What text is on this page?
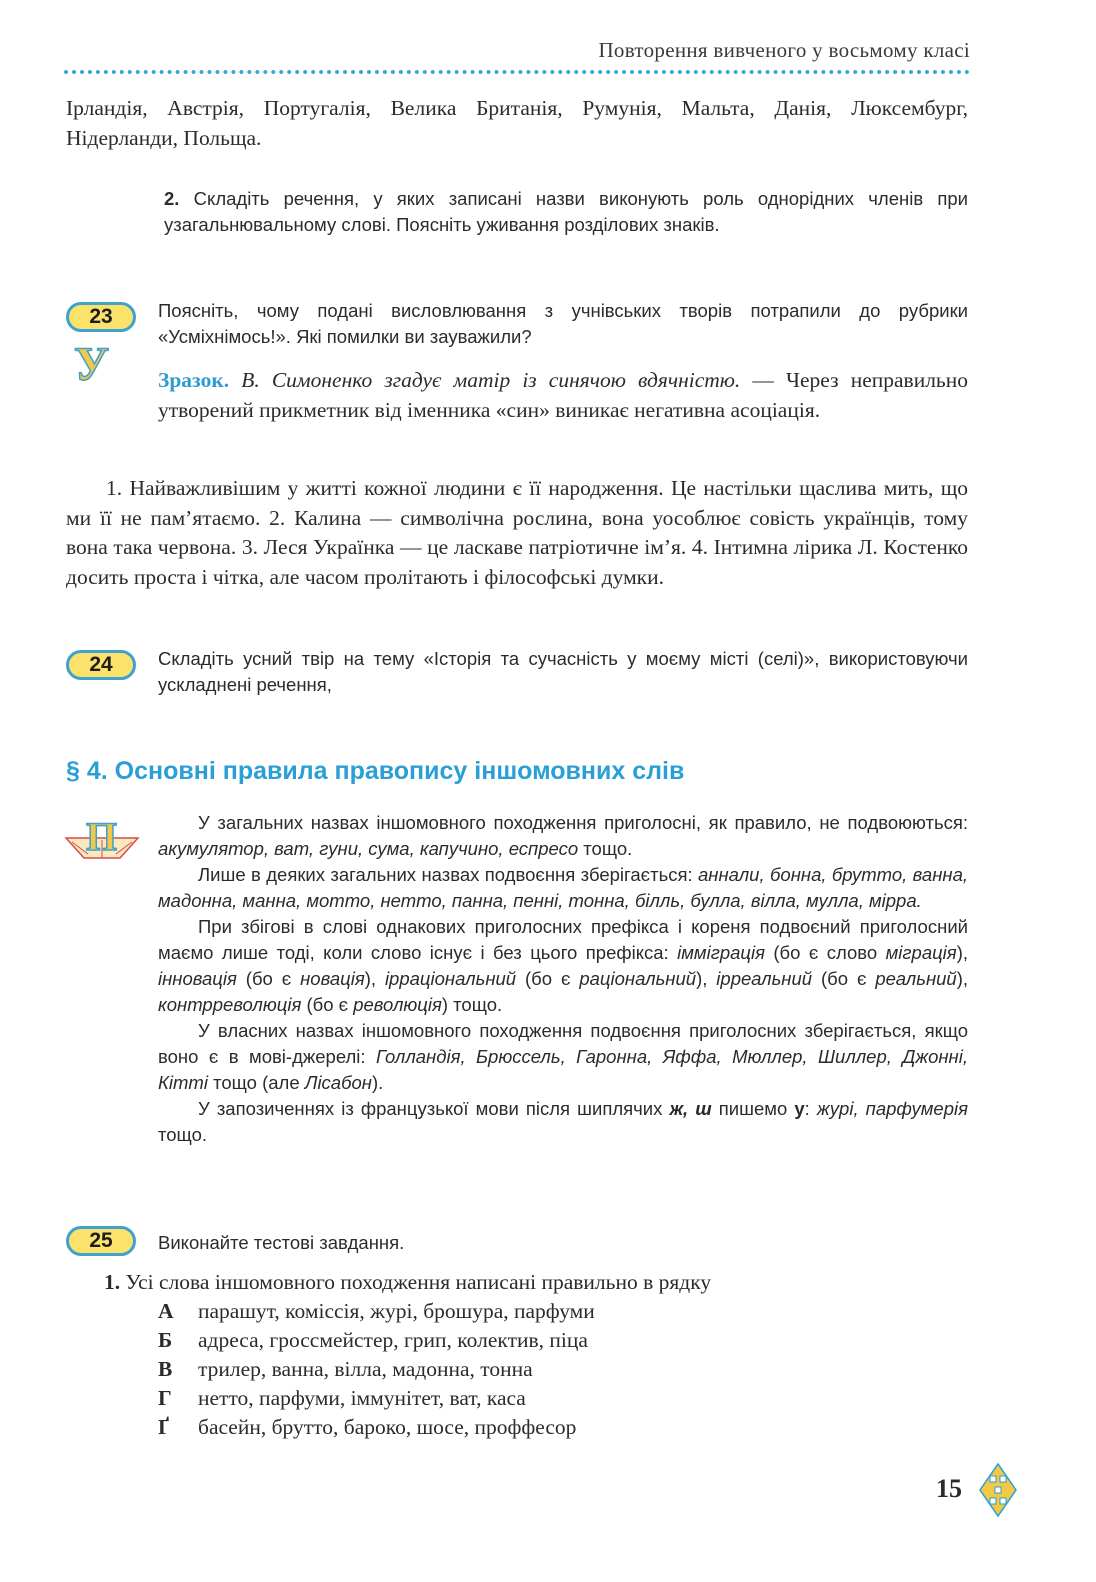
Повторення вивченого у восьмому класі
Ірландія, Австрія, Португалія, Велика Британія, Румунія, Мальта, Данія, Люксембург, Нідерланди, Польща.
2. Складіть речення, у яких записані назви виконують роль однорідних членів при узагальнювальному слові. Поясніть уживання розділових знаків.
23
У
Поясніть, чому подані висловлювання з учнівських творів потрапили до рубрики «Усміхнімось!». Які помилки ви зауважили?
Зразок. В. Симоненко згадує матір із синячою вдячністю. — Через неправильно утворений прикметник від іменника «син» виникає негативна асоціація.
1. Найважливішим у житті кожної людини є її народження. Це настільки щаслива мить, що ми її не пам’ятаємо. 2. Калина — символічна рослина, вона уособлює совість українців, тому вона така червона. 3. Леся Українка — це ласкаве патріотичне ім’я. 4. Інтимна лірика Л. Костенко досить проста і чітка, але часом пролітають і філософські думки.
24	Складіть усний твір на тему «Історія та сучасність у моєму місті (селі)», використовуючи ускладнені речення,
§ 4. Основні правила правопису іншомовних слів
П	У загальних назвах іншомовного походження приголосні, як правило, не подвоюються: акумулятор, ват, гуни, сума, капучино, еспресо тощо.
Лише в деяких загальних назвах подвоєння зберігається: аннали, бонна, брутто, ванна, мадонна, манна, мотто, нетто, панна, пенні, тонна, білль, булла, вілла, мулла, мірра.
При збігові в слові однакових приголосних префікса і кореня подвоєний приголосний маємо лише тоді, коли слово існує і без цього префікса: імміграція (бо є слово міграція), інновація (бо є новація), ірраціональний (бо є раціональний), ірреальний (бо є реальний), контрреволюція (бо є революція) тощо.
У власних назвах іншомовного походження подвоєння приголосних зберігається, якщо воно є в мові-джерелі: Голландія, Брюссель, Гаронна, Яффа, Мюллер, Шиллер, Джонні, Кітті тощо (але Лісабон).
У запозиченнях із французької мови після шиплячих ж, ш пишемо у: журі, парфумерія тощо.
25	Виконайте тестові завдання.
1. Усі слова іншомовного походження написані правильно в рядку
А парашут, комісcія, журі, брошура, парфуми
Б адреса, гроссмейстер, грип, колектив, піца
В трилер, ванна, вілла, мадонна, тонна
Г нетто, парфуми, іммунітет, ват, каса
Ґ басейн, брутто, бароко, шосе, проффесор
15
